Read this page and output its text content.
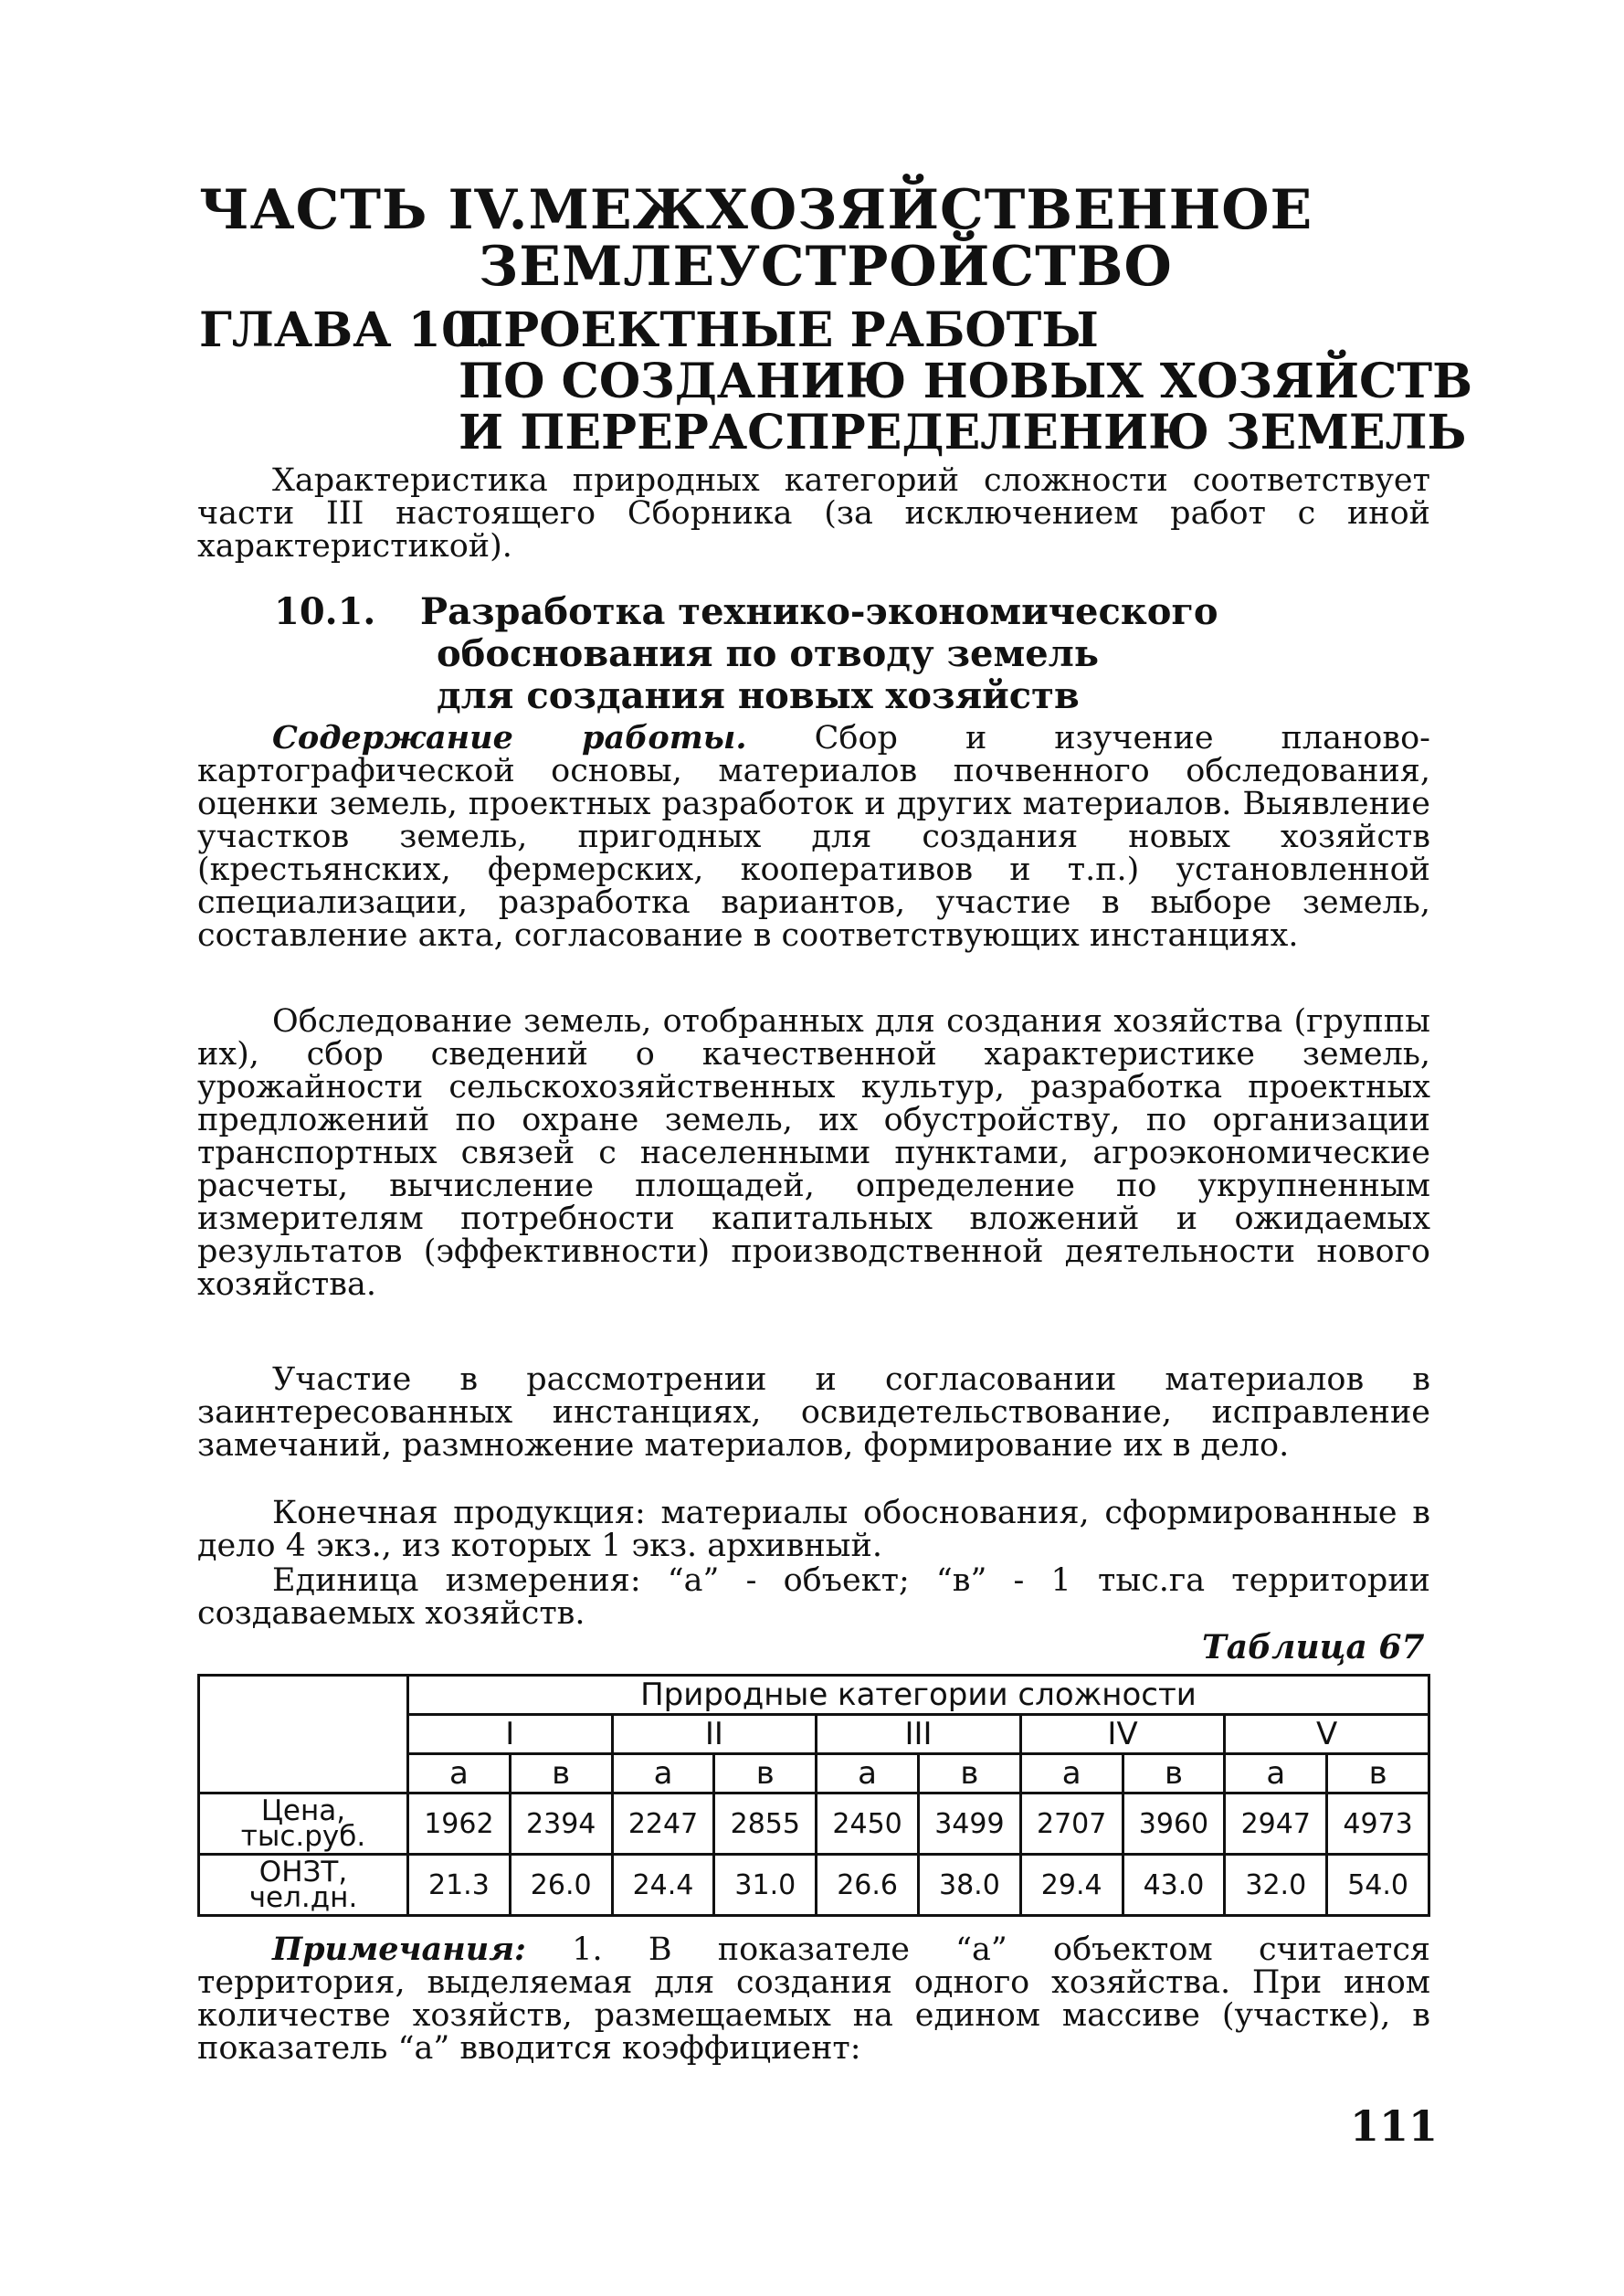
ЧАСТЬ IV.МЕЖХОЗЯЙСТВЕННОЕ
ЗЕМЛЕУСТРОЙСТВО
ГЛАВА 10.
ПРОЕКТНЫЕ РАБОТЫ
ПО СОЗДАНИЮ НОВЫХ ХОЗЯЙСТВ
И ПЕРЕРАСПРЕДЕЛЕНИЮ ЗЕМЕЛЬ
Характеристика природных категорий сложности соответствует части III настоящего Сборника (за исключением работ с иной характеристикой).
10.1. Разработка технико-экономического
обоснования по отводу земель
для создания новых хозяйств
Содержание работы. Сбор и изучение планово-картографической основы, материалов почвенного обследования, оценки земель, проектных разработок и других материалов. Выявление участков земель, пригодных для создания новых хозяйств (крестьянских, фермерских, кооперативов и т.п.) установленной специализации, разработка вариантов, участие в выборе земель, составление акта, согласование в соответствующих инстанциях.
Обследование земель, отобранных для создания хозяйства (группы их), сбор сведений о качественной характеристике земель, урожайности сельскохозяйственных культур, разработка проектных предложений по охране земель, их обустройству, по организации транспортных связей с населенными пунктами, агроэкономические расчеты, вычисление площадей, определение по укрупненным измерителям потребности капитальных вложений и ожидаемых результатов (эффективности) производственной деятельности нового хозяйства.
Участие в рассмотрении и согласовании материалов в заинтересованных инстанциях, освидетельствование, исправление замечаний, размножение материалов, формирование их в дело.
Конечная продукция: материалы обоснования, сформированные в дело 4 экз., из которых 1 экз. архивный.
Единица измерения: “а” - объект; “в” - 1 тыс.га территории создаваемых хозяйств.
Таблица 67
	Природные категории сложности									
	I		II		III		IV		V	
	а	в	а	в	а	в	а	в	а	в
Цена,
тыс.руб.	1962	2394	2247	2855	2450	3499	2707	3960	2947	4973
ОНЗТ,
чел.дн.	21.3	26.0	24.4	31.0	26.6	38.0	29.4	43.0	32.0	54.0
Примечания: 1. В показателе “а” объектом считается территория, выделяемая для создания одного хозяйства. При ином количестве хозяйств, размещаемых на едином массиве (участке), в показатель “а” вводится коэффициент:
111
